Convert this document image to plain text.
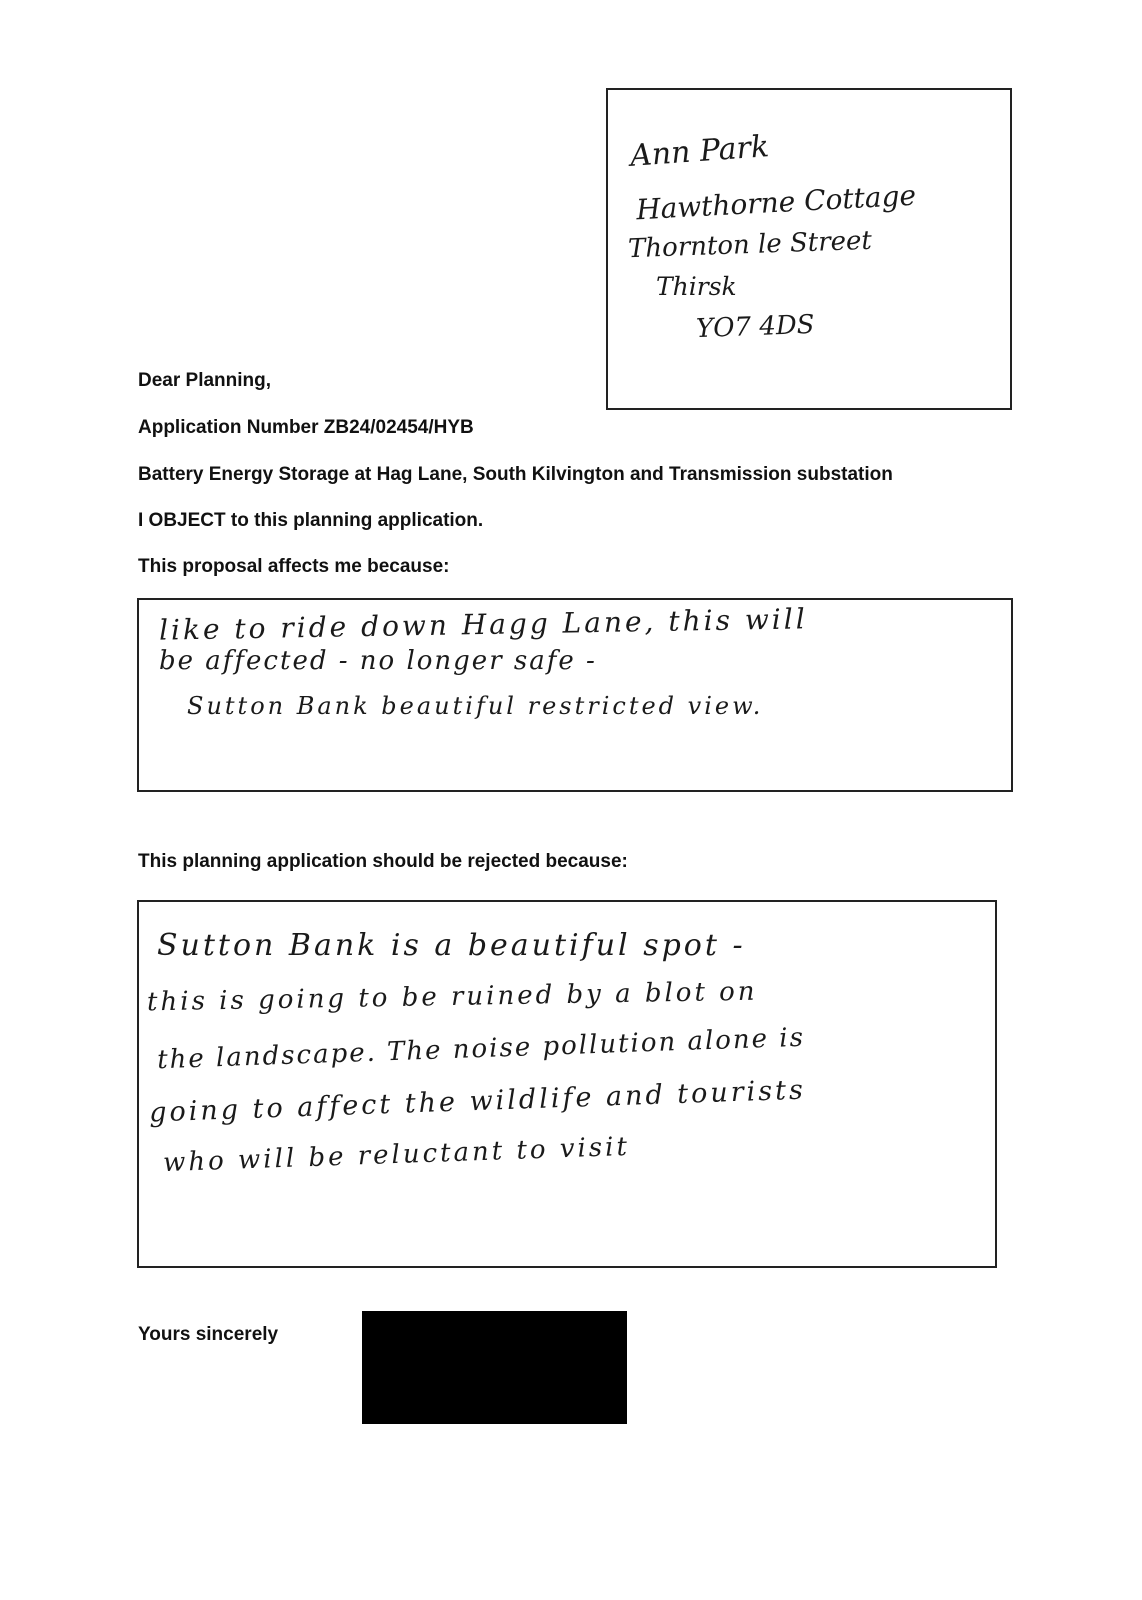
Ann Park
Hawthorne Cottage
Thornton le Street
Thirsk
YO7 4DS
Dear Planning,
Application Number ZB24/02454/HYB
Battery Energy Storage at Hag Lane, South Kilvington and Transmission substation
I OBJECT to this planning application.
This proposal affects me because:
like to ride down Hagg Lane, this will
be affected - no longer safe -
Sutton Bank beautiful restricted view.
This planning application should be rejected because:
Sutton Bank is a beautiful spot -
this is going to be ruined by a blot on
the landscape. The noise pollution alone is
going to affect the wildlife and tourists
who will be reluctant to visit
Yours sincerely
